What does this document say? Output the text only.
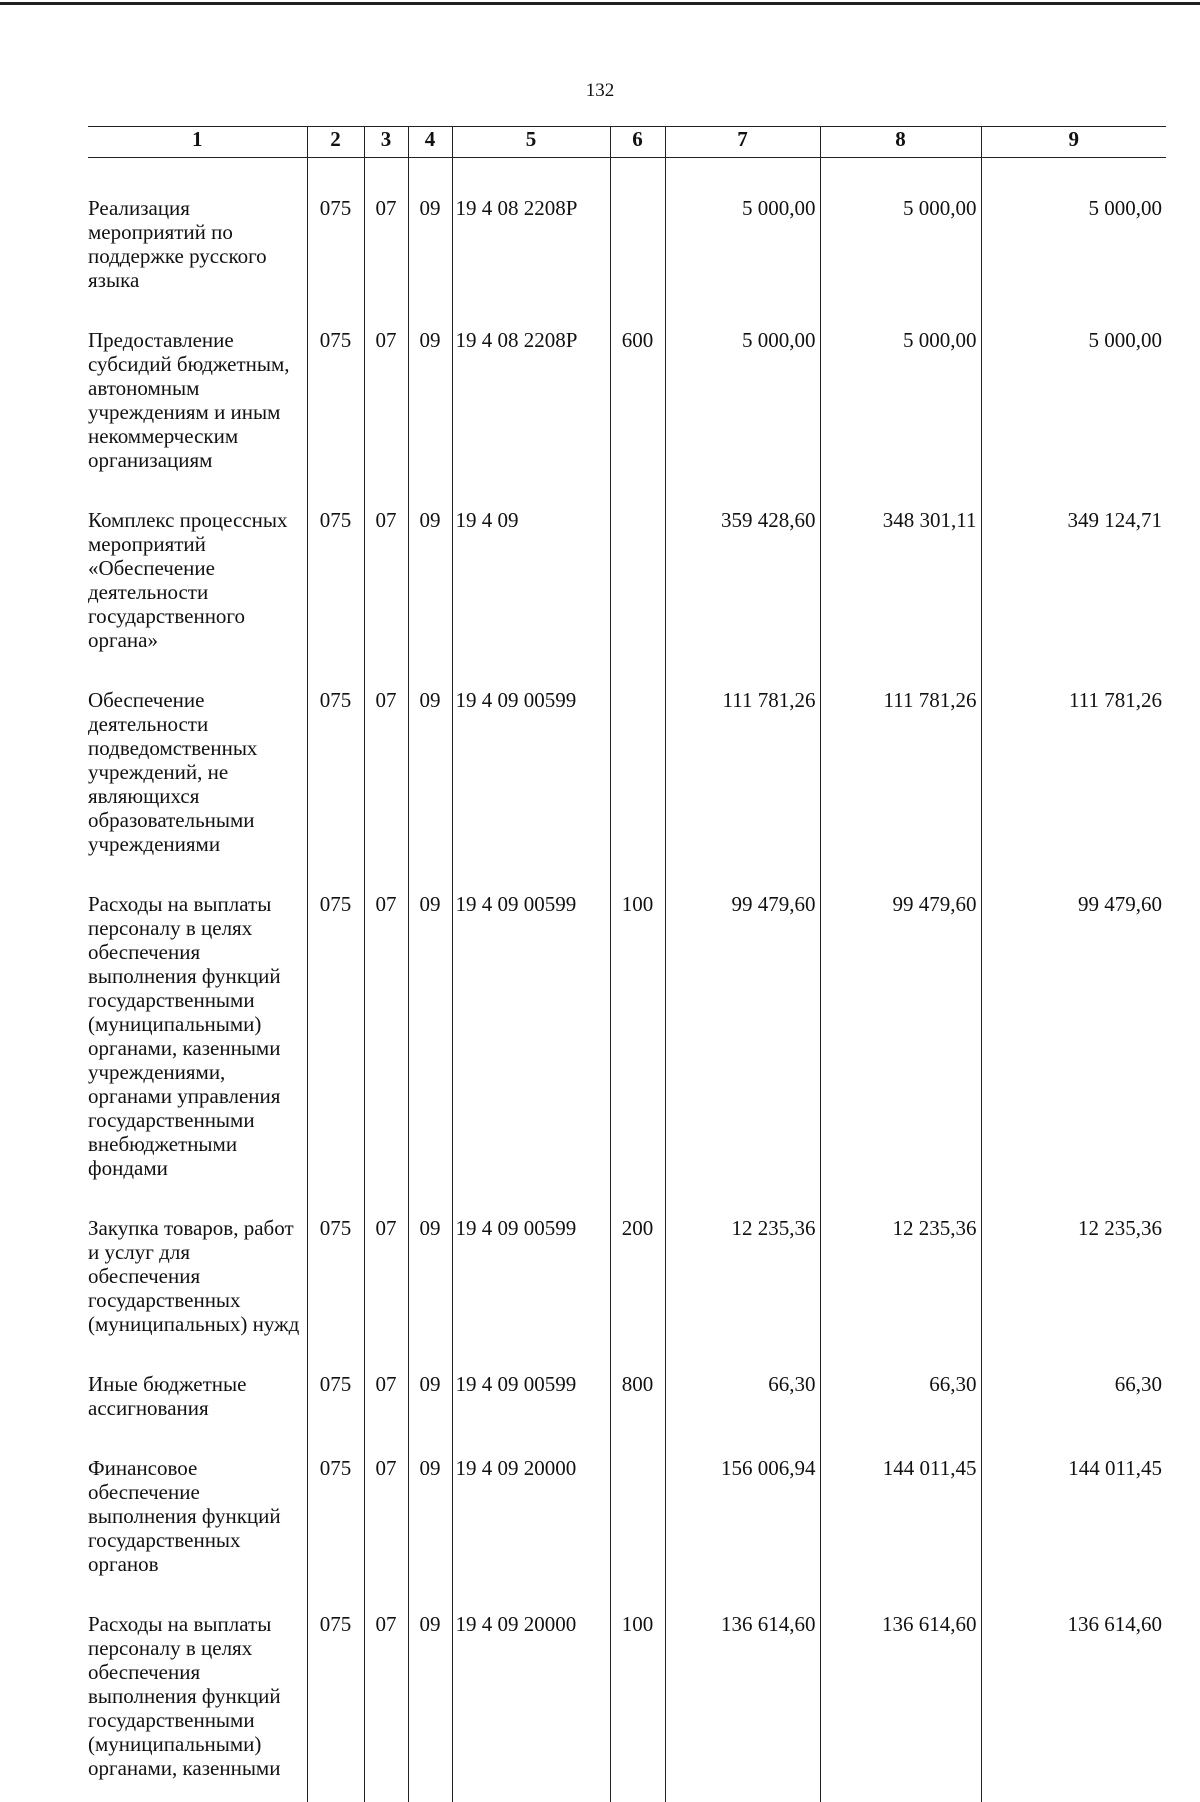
132
1	2	3	4	5	6	7	8	9
Реализация мероприятий по поддержке русского языка	075	07	09	19 4 08 2208Р		5 000,00	5 000,00	5 000,00
Предоставление субсидий бюджетным, автономным учреждениям и иным некоммерческим организациям	075	07	09	19 4 08 2208Р	600	5 000,00	5 000,00	5 000,00
Комплекс процессных мероприятий «Обеспечение деятельности государственного органа»	075	07	09	19 4 09		359 428,60	348 301,11	349 124,71
Обеспечение деятельности подведомственных учреждений, не являющихся образовательными учреждениями	075	07	09	19 4 09 00599		111 781,26	111 781,26	111 781,26
Расходы на выплаты персоналу в целях обеспечения выполнения функций государственными (муниципальными) органами, казенными учреждениями, органами управления государственными внебюджетными фондами	075	07	09	19 4 09 00599	100	99 479,60	99 479,60	99 479,60
Закупка товаров, работ и услуг для обеспечения государственных (муниципальных) нужд	075	07	09	19 4 09 00599	200	12 235,36	12 235,36	12 235,36
Иные бюджетные ассигнования	075	07	09	19 4 09 00599	800	66,30	66,30	66,30
Финансовое обеспечение выполнения функций государственных органов	075	07	09	19 4 09 20000		156 006,94	144 011,45	144 011,45
Расходы на выплаты персоналу в целях обеспечения выполнения функций государственными (муниципальными) органами, казенными	075	07	09	19 4 09 20000	100	136 614,60	136 614,60	136 614,60
